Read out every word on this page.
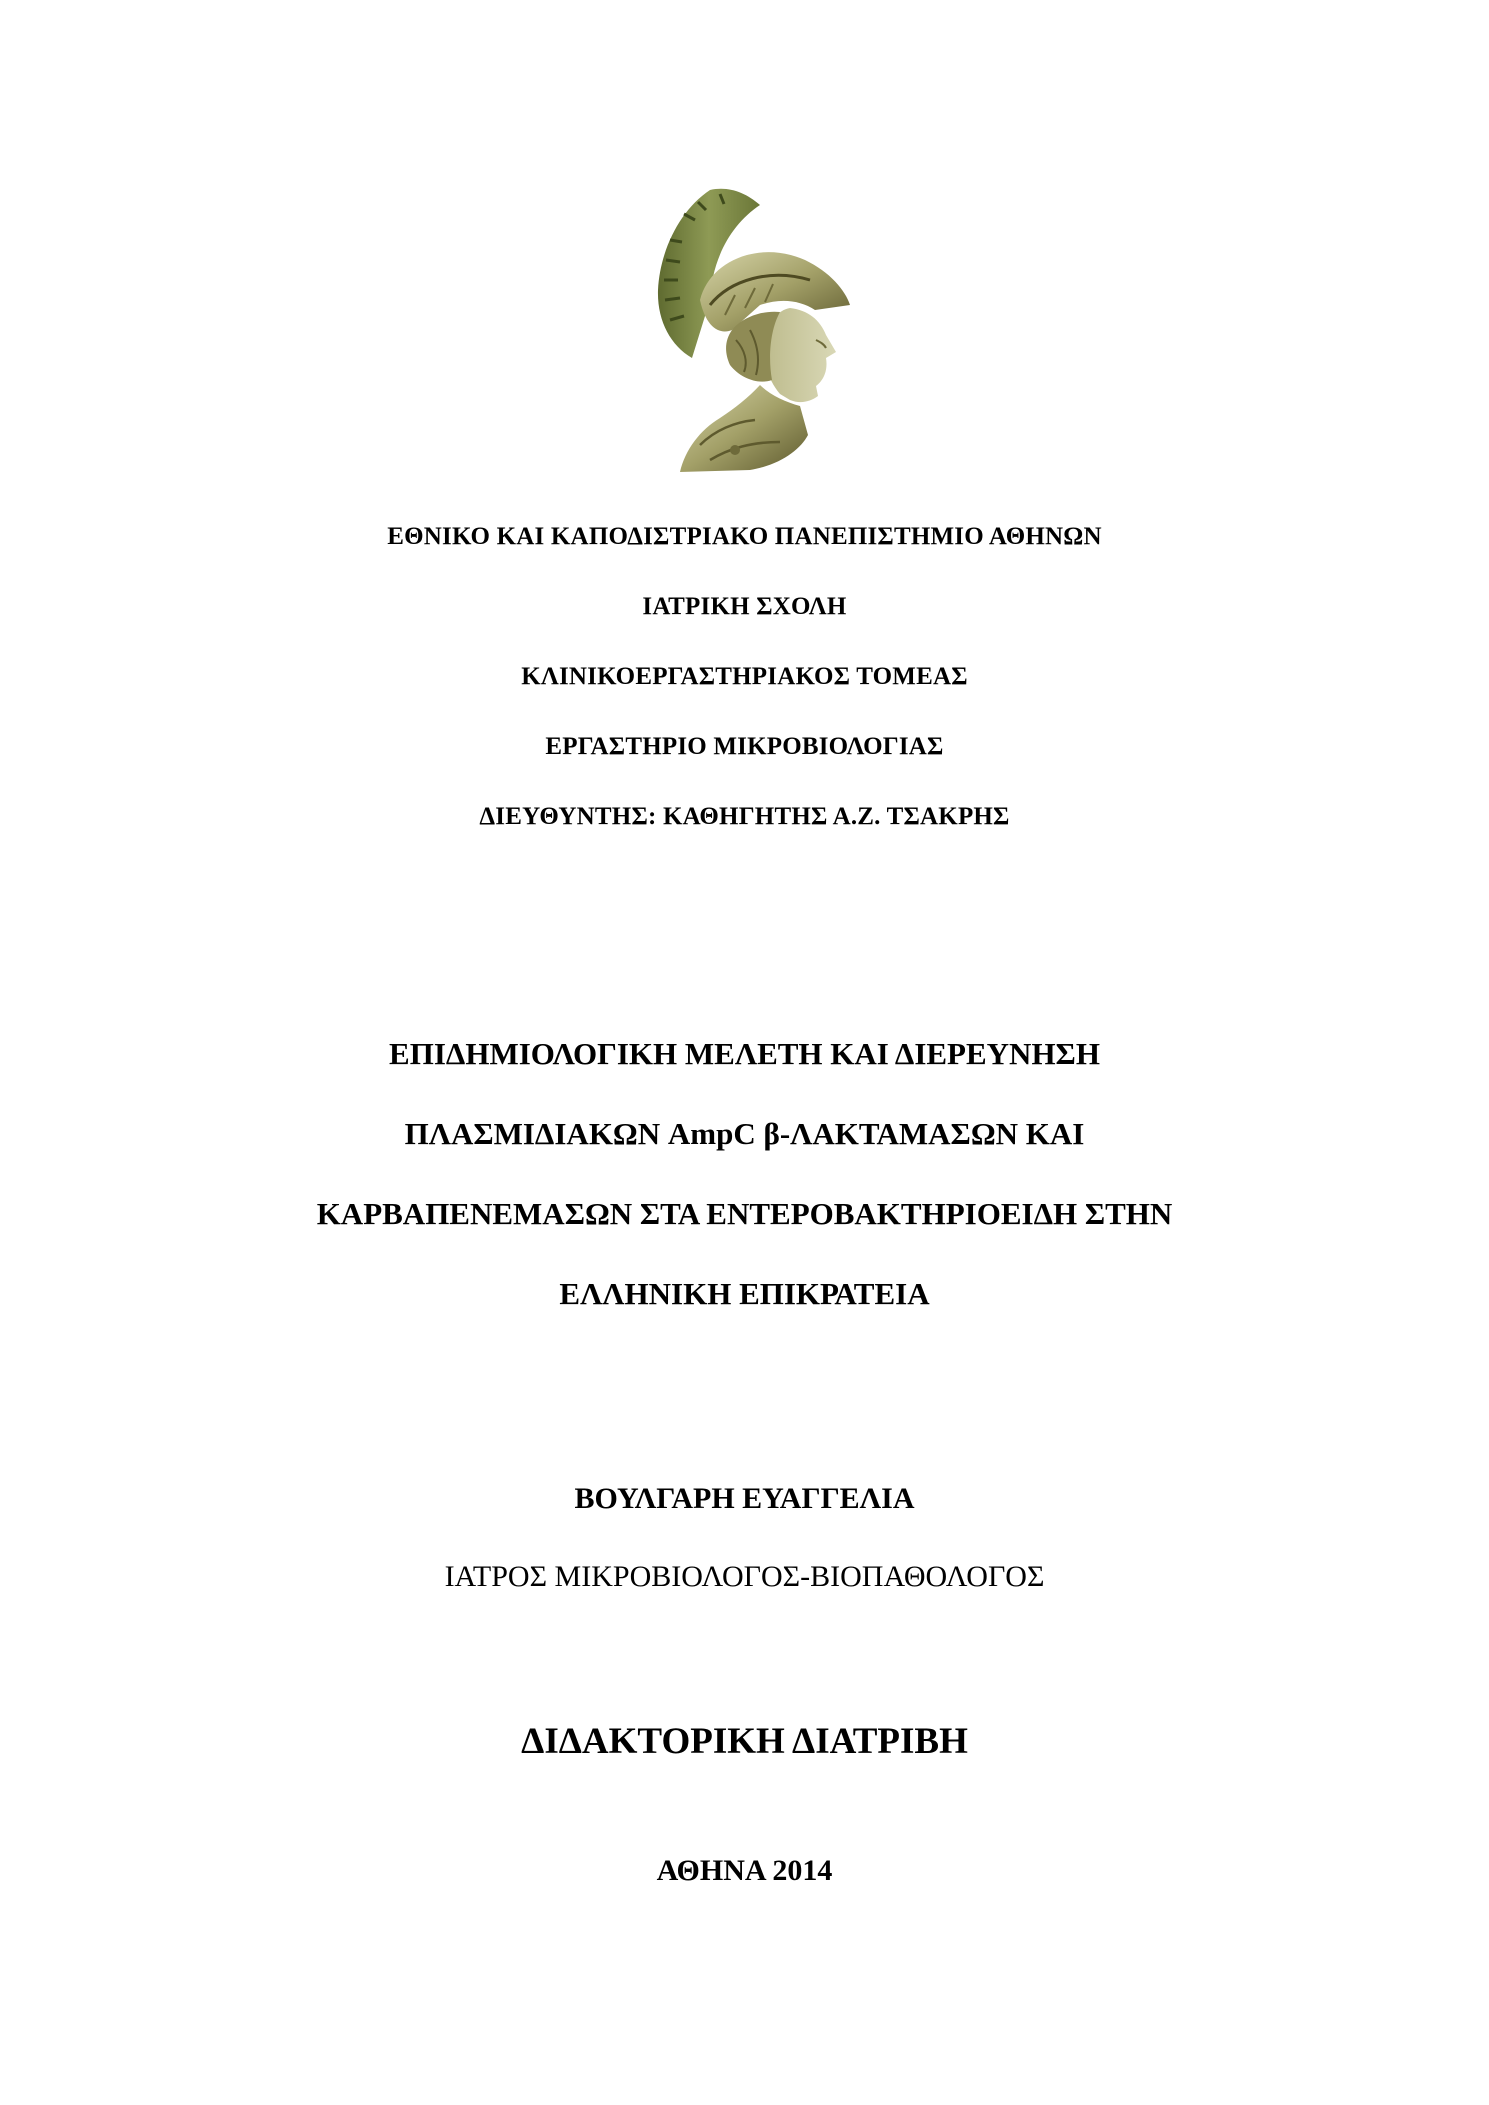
ΕΘΝΙΚΟ ΚΑΙ ΚΑΠΟΔΙΣΤΡΙΑΚΟ ΠΑΝΕΠΙΣΤΗΜΙΟ ΑΘΗΝΩΝ
ΙΑΤΡΙΚΗ ΣΧΟΛΗ
ΚΛΙΝΙΚΟΕΡΓΑΣΤΗΡΙΑΚΟΣ ΤΟΜΕΑΣ
ΕΡΓΑΣΤΗΡΙΟ ΜΙΚΡΟΒΙΟΛΟΓΙΑΣ
ΔΙΕΥΘΥΝΤΗΣ: ΚΑΘΗΓΗΤΗΣ Α.Ζ. ΤΣΑΚΡΗΣ
ΕΠΙΔΗΜΙΟΛΟΓΙΚΗ ΜΕΛΕΤΗ ΚΑΙ ΔΙΕΡΕΥΝΗΣΗ
ΠΛΑΣΜΙΔΙΑΚΩΝ AmpC β-ΛΑΚΤΑΜΑΣΩΝ ΚΑΙ
ΚΑΡΒΑΠΕΝΕΜΑΣΩΝ ΣΤΑ ΕΝΤΕΡΟΒΑΚΤΗΡΙΟΕΙΔΗ ΣΤΗΝ
ΕΛΛΗΝΙΚΗ ΕΠΙΚΡΑΤΕΙΑ
ΒΟΥΛΓΑΡΗ ΕΥΑΓΓΕΛΙΑ
ΙΑΤΡΟΣ ΜΙΚΡΟΒΙΟΛΟΓΟΣ-ΒΙΟΠΑΘΟΛΟΓΟΣ
ΔΙΔΑΚΤΟΡΙΚΗ ΔΙΑΤΡΙΒΗ
ΑΘΗΝΑ 2014
